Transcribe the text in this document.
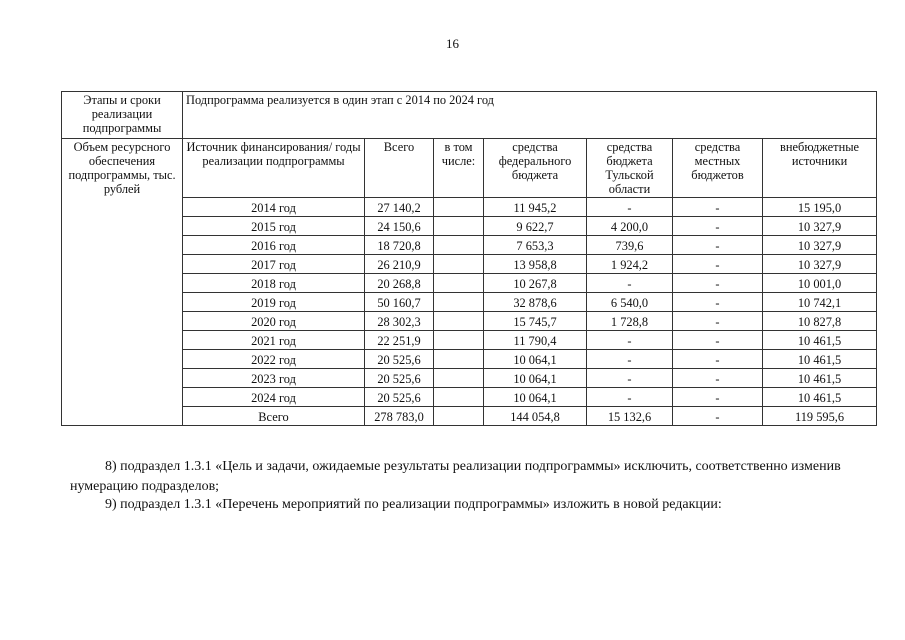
16
Этапы и сроки реализации подпрограммы	Подпрограмма реализуется в один этап с 2014 по 2024 год						
Объем ресурсного обеспечения подпрограммы, тыс. рублей	Источник финансирования/ годы реализации подпрограммы	Всего	в том числе:	средства федерального бюджета	средства бюджета Тульской области	средства местных бюджетов	внебюджетные источники
	2014 год	27 140,2		11 945,2	-	-	15 195,0
	2015 год	24 150,6		9 622,7	4 200,0	-	10 327,9
	2016 год	18 720,8		7 653,3	739,6	-	10 327,9
	2017 год	26 210,9		13 958,8	1 924,2	-	10 327,9
	2018 год	20 268,8		10 267,8	-	-	10 001,0
	2019 год	50 160,7		32 878,6	6 540,0	-	10 742,1
	2020 год	28 302,3		15 745,7	1 728,8	-	10 827,8
	2021 год	22 251,9		11 790,4	-	-	10 461,5
	2022 год	20 525,6		10 064,1	-	-	10 461,5
	2023 год	20 525,6		10 064,1	-	-	10 461,5
	2024 год	20 525,6		10 064,1	-	-	10 461,5
	Всего	278 783,0		144 054,8	15 132,6	-	119 595,6
8) подраздел 1.3.1 «Цель и задачи, ожидаемые результаты реализации подпрограммы» исключить, соответственно изменив нумерацию подразделов;
9) подраздел 1.3.1 «Перечень мероприятий по реализации подпрограммы» изложить в новой редакции:
